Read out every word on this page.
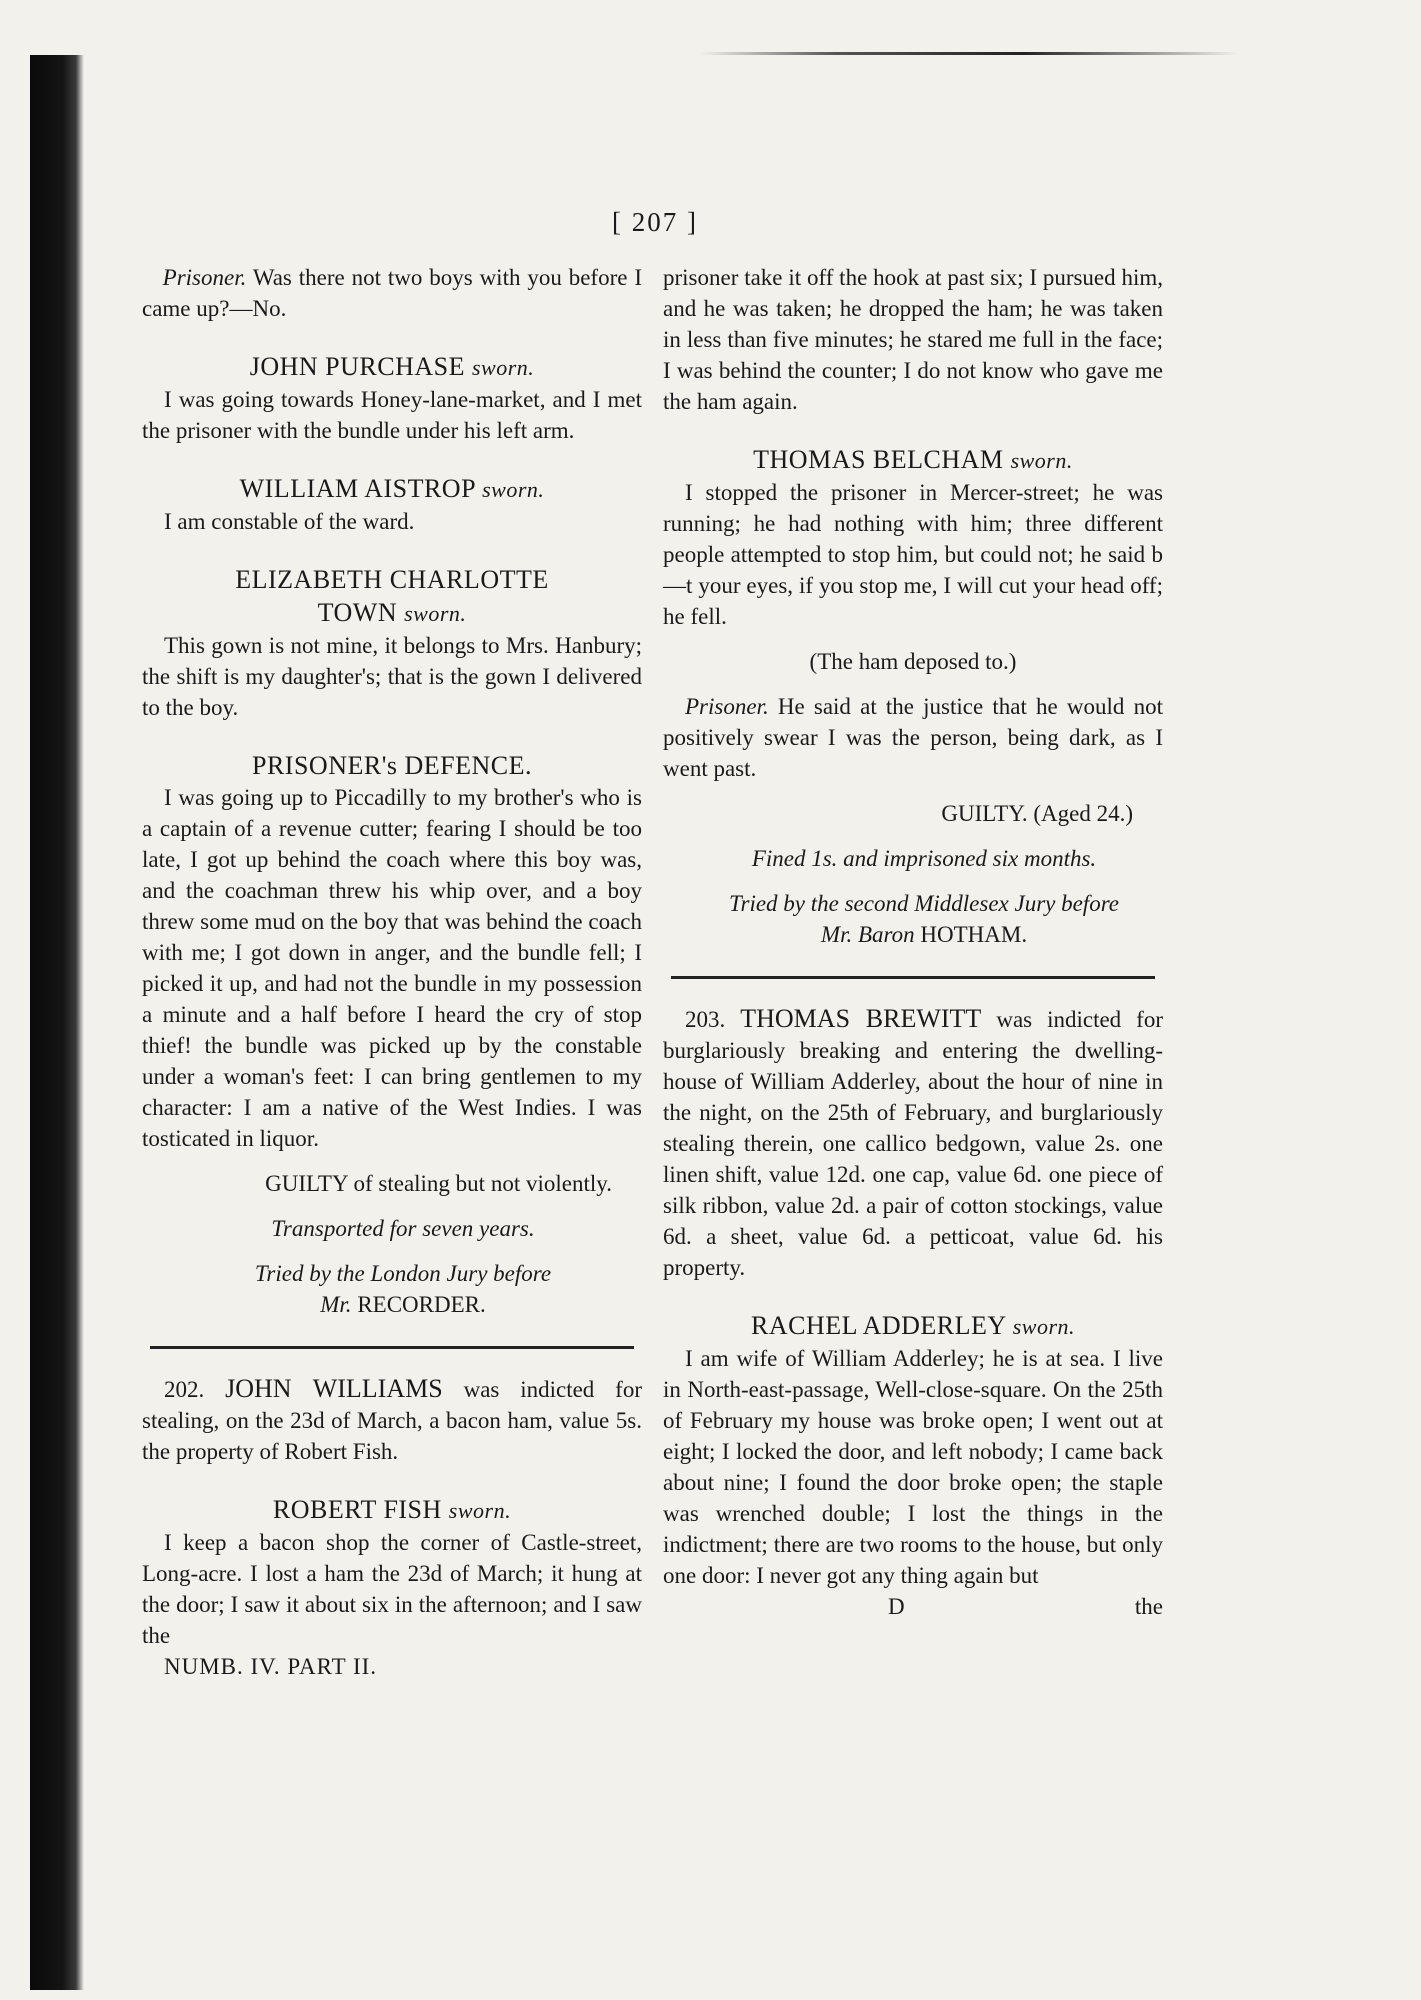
[ 207 ]

Prisoner. Was there not two boys with you before I came up?—No.

JOHN PURCHASE sworn.

I was going towards Honey-lane-market, and I met the prisoner with the bundle under his left arm.

WILLIAM AISTROP sworn.

I am constable of the ward.

ELIZABETH CHARLOTTE
TOWN sworn.

This gown is not mine, it belongs to Mrs. Hanbury; the shift is my daughter's; that is the gown I delivered to the boy.

PRISONER's DEFENCE.

I was going up to Piccadilly to my brother's who is a captain of a revenue cutter; fearing I should be too late, I got up behind the coach where this boy was, and the coachman threw his whip over, and a boy threw some mud on the boy that was behind the coach with me; I got down in anger, and the bundle fell; I picked it up, and had not the bundle in my possession a minute and a half before I heard the cry of stop thief! the bundle was picked up by the constable under a woman's feet: I can bring gentlemen to my character: I am a native of the West Indies. I was tosticated in liquor.

GUILTY of stealing but not violently.

Transported for seven years.

Tried by the London Jury before

Mr. RECORDER.

202. JOHN WILLIAMS was indicted for stealing, on the 23d of March, a bacon ham, value 5s. the property of Robert Fish.

ROBERT FISH sworn.

I keep a bacon shop the corner of Castle-street, Long-acre. I lost a ham the 23d of March; it hung at the door; I saw it about six in the afternoon; and I saw the

NUMB. IV. PART II.

prisoner take it off the hook at past six; I pursued him, and he was taken; he dropped the ham; he was taken in less than five minutes; he stared me full in the face; I was behind the counter; I do not know who gave me the ham again.

THOMAS BELCHAM sworn.

I stopped the prisoner in Mercer-street; he was running; he had nothing with him; three different people attempted to stop him, but could not; he said b—t your eyes, if you stop me, I will cut your head off; he fell.

(The ham deposed to.)

Prisoner. He said at the justice that he would not positively swear I was the person, being dark, as I went past.

GUILTY. (Aged 24.)

Fined 1s. and imprisoned six months.

Tried by the second Middlesex Jury before

Mr. Baron HOTHAM.

203. THOMAS BREWITT was indicted for burglariously breaking and entering the dwelling-house of William Adderley, about the hour of nine in the night, on the 25th of February, and burglariously stealing therein, one callico bedgown, value 2s. one linen shift, value 12d. one cap, value 6d. one piece of silk ribbon, value 2d. a pair of cotton stockings, value 6d. a sheet, value 6d. a petticoat, value 6d. his property.

RACHEL ADDERLEY sworn.

I am wife of William Adderley; he is at sea. I live in North-east-passage, Well-close-square. On the 25th of February my house was broke open; I went out at eight; I locked the door, and left nobody; I came back about nine; I found the door broke open; the staple was wrenched double; I lost the things in the indictment; there are two rooms to the house, but only one door: I never got any thing again but

D	the
